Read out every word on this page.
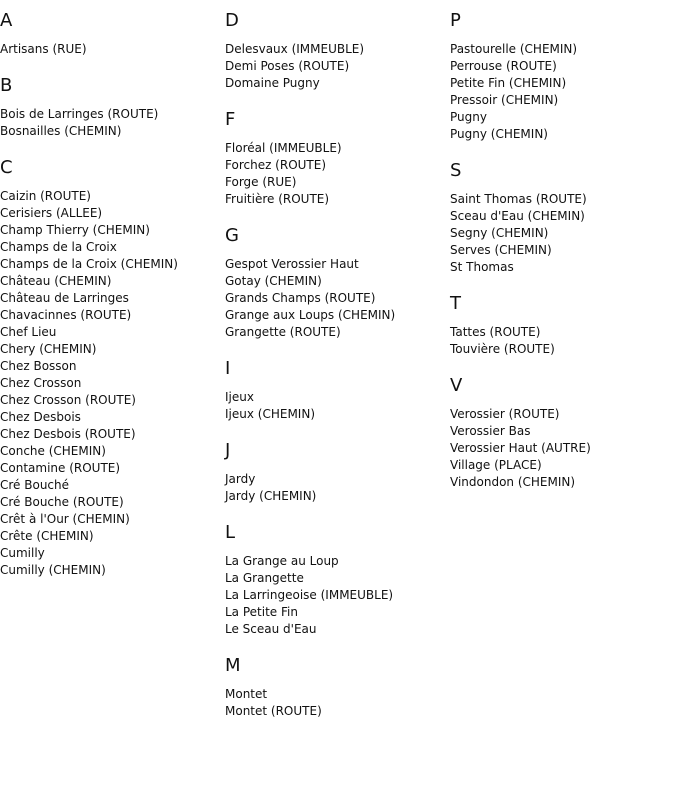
A
Artisans (RUE)
B
Bois de Larringes (ROUTE)
Bosnailles (CHEMIN)
C
Caizin (ROUTE)
Cerisiers (ALLEE)
Champ Thierry (CHEMIN)
Champs de la Croix
Champs de la Croix (CHEMIN)
Château (CHEMIN)
Château de Larringes
Chavacinnes (ROUTE)
Chef Lieu
Chery (CHEMIN)
Chez Bosson
Chez Crosson
Chez Crosson (ROUTE)
Chez Desbois
Chez Desbois (ROUTE)
Conche (CHEMIN)
Contamine (ROUTE)
Cré Bouché
Cré Bouche (ROUTE)
Crêt à l'Our (CHEMIN)
Crête (CHEMIN)
Cumilly
Cumilly (CHEMIN)
D
Delesvaux (IMMEUBLE)
Demi Poses (ROUTE)
Domaine Pugny
F
Floréal (IMMEUBLE)
Forchez (ROUTE)
Forge (RUE)
Fruitière (ROUTE)
G
Gespot Verossier Haut
Gotay (CHEMIN)
Grands Champs (ROUTE)
Grange aux Loups (CHEMIN)
Grangette (ROUTE)
I
Ijeux
Ijeux (CHEMIN)
J
Jardy
Jardy (CHEMIN)
L
La Grange au Loup
La Grangette
La Larringeoise (IMMEUBLE)
La Petite Fin
Le Sceau d'Eau
M
Montet
Montet (ROUTE)
P
Pastourelle (CHEMIN)
Perrouse (ROUTE)
Petite Fin (CHEMIN)
Pressoir (CHEMIN)
Pugny
Pugny (CHEMIN)
S
Saint Thomas (ROUTE)
Sceau d'Eau (CHEMIN)
Segny (CHEMIN)
Serves (CHEMIN)
St Thomas
T
Tattes (ROUTE)
Touvière (ROUTE)
V
Verossier (ROUTE)
Verossier Bas
Verossier Haut (AUTRE)
Village (PLACE)
Vindondon (CHEMIN)
